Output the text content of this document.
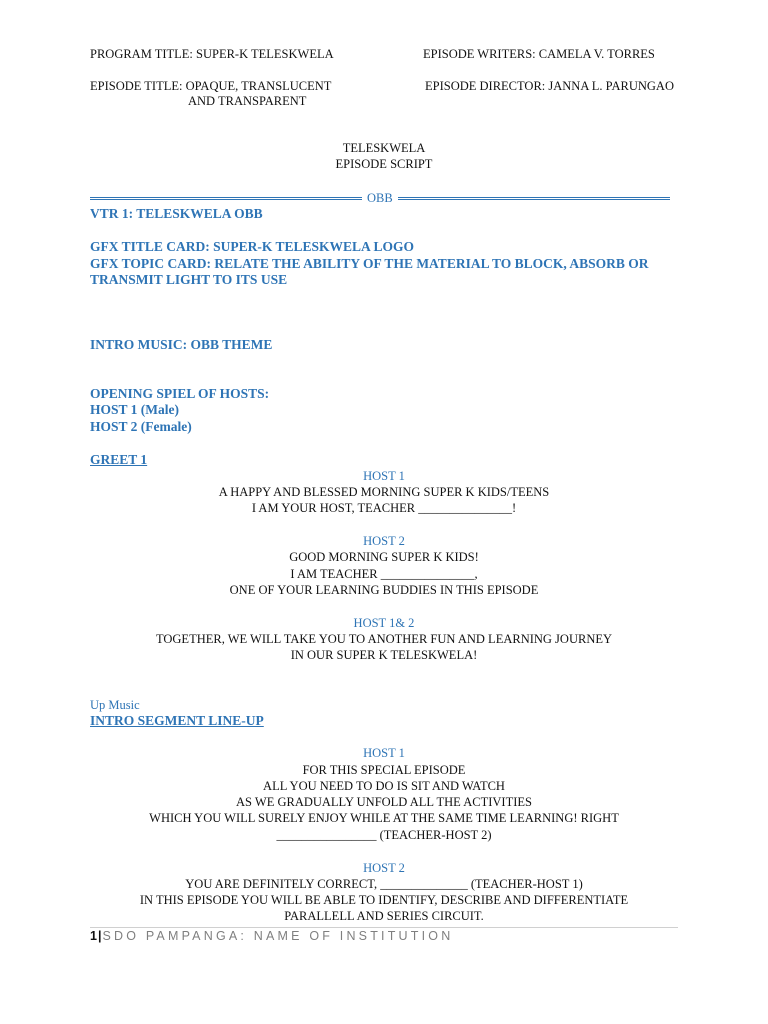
PROGRAM TITLE: SUPER-K TELESKWELA	EPISODE WRITERS: CAMELA V. TORRES
EPISODE TITLE: OPAQUE, TRANSLUCENT
AND TRANSPARENT
EPISODE DIRECTOR: JANNA L. PARUNGAO
TELESKWELA
EPISODE SCRIPT
OBB
VTR 1: TELESKWELA OBB
GFX TITLE CARD: SUPER-K TELESKWELA LOGO
GFX TOPIC CARD: RELATE THE ABILITY OF THE MATERIAL TO BLOCK, ABSORB OR
TRANSMIT LIGHT TO ITS USE
INTRO MUSIC: OBB THEME
OPENING SPIEL OF HOSTS:
HOST 1 (Male)
HOST 2 (Female)
GREET 1
HOST 1
A HAPPY AND BLESSED MORNING SUPER K KIDS/TEENS
I AM YOUR HOST, TEACHER _______________!
HOST 2
GOOD MORNING SUPER K KIDS!
I AM TEACHER _______________,
ONE OF YOUR LEARNING BUDDIES IN THIS EPISODE
HOST 1& 2
TOGETHER, WE WILL TAKE YOU TO ANOTHER FUN AND LEARNING JOURNEY
IN OUR SUPER K TELESKWELA!
Up Music
INTRO SEGMENT LINE-UP
HOST 1
FOR THIS SPECIAL EPISODE
ALL YOU NEED TO DO IS SIT AND WATCH
AS WE GRADUALLY UNFOLD ALL THE ACTIVITIES
WHICH YOU WILL SURELY ENJOY WHILE AT THE SAME TIME LEARNING! RIGHT
________________ (TEACHER-HOST 2)
HOST 2
YOU ARE DEFINITELY CORRECT, ______________ (TEACHER-HOST 1)
IN THIS EPISODE YOU WILL BE ABLE TO IDENTIFY, DESCRIBE AND DIFFERENTIATE
PARALLELL AND SERIES CIRCUIT.
1|SDO PAMPANGA: NAME OF INSTITUTION
